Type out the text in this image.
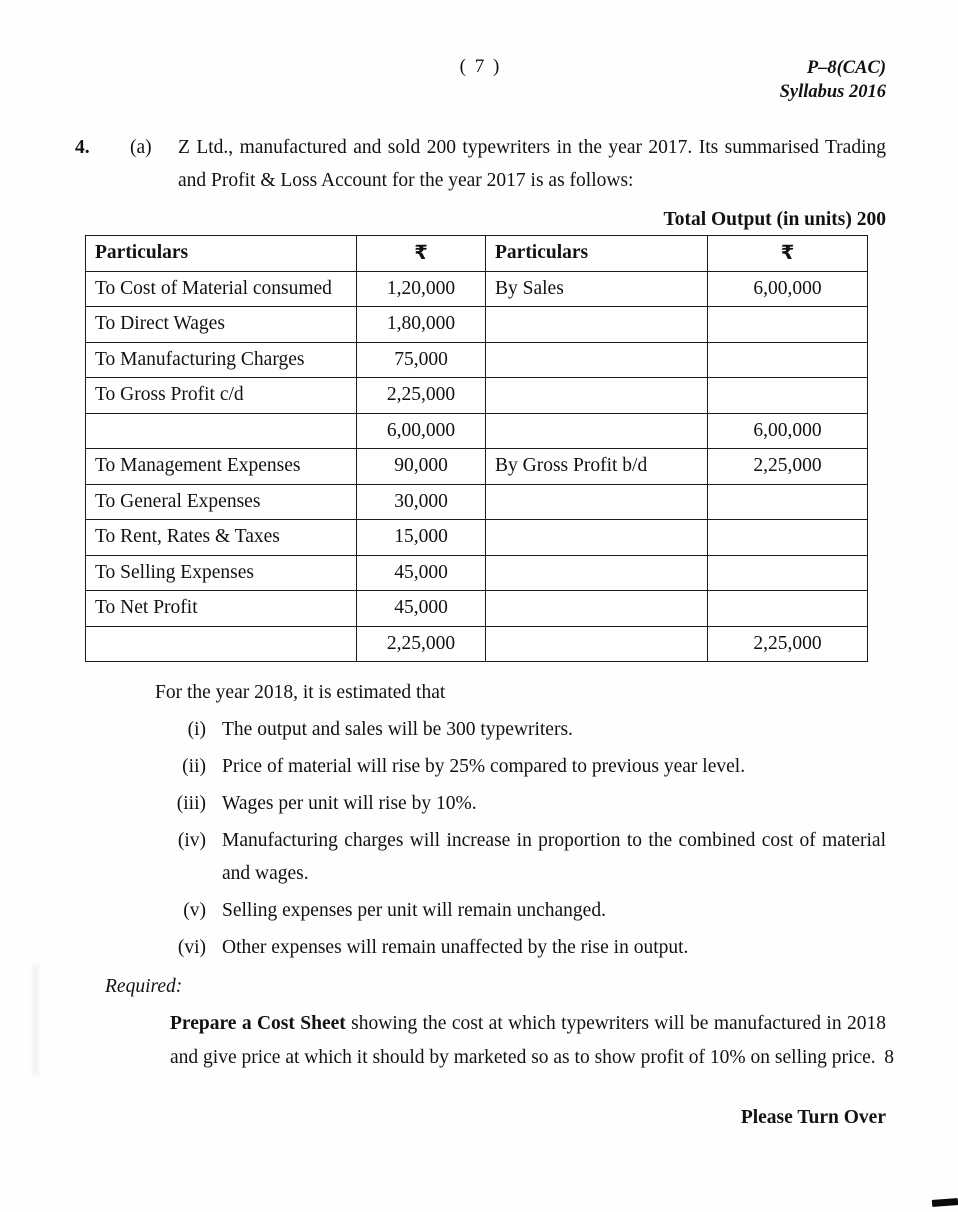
( 7 )	P–8(CAC)
Syllabus 2016
4.	(a)	Z Ltd., manufactured and sold 200 typewriters in the year 2017. Its summarised Trading and Profit & Loss Account for the year 2017 is as follows:
Total Output (in units) 200
Particulars	₹	Particulars	₹
To Cost of Material consumed	1,20,000	By Sales	6,00,000
To Direct Wages	1,80,000		
To Manufacturing Charges	75,000		
To Gross Profit c/d	2,25,000		
	6,00,000		6,00,000
To Management Expenses	90,000	By Gross Profit b/d	2,25,000
To General Expenses	30,000		
To Rent, Rates & Taxes	15,000		
To Selling Expenses	45,000		
To Net Profit	45,000		
	2,25,000		2,25,000
For the year 2018, it is estimated that
(i) The output and sales will be 300 typewriters.
(ii) Price of material will rise by 25% compared to previous year level.
(iii) Wages per unit will rise by 10%.
(iv) Manufacturing charges will increase in proportion to the combined cost of material and wages.
(v) Selling expenses per unit will remain unchanged.
(vi) Other expenses will remain unaffected by the rise in output.
Required:

Prepare a Cost Sheet showing the cost at which typewriters will be manufactured in 2018 and give price at which it should by marketed so as to show profit of 10% on selling price. 8

Please Turn Over
